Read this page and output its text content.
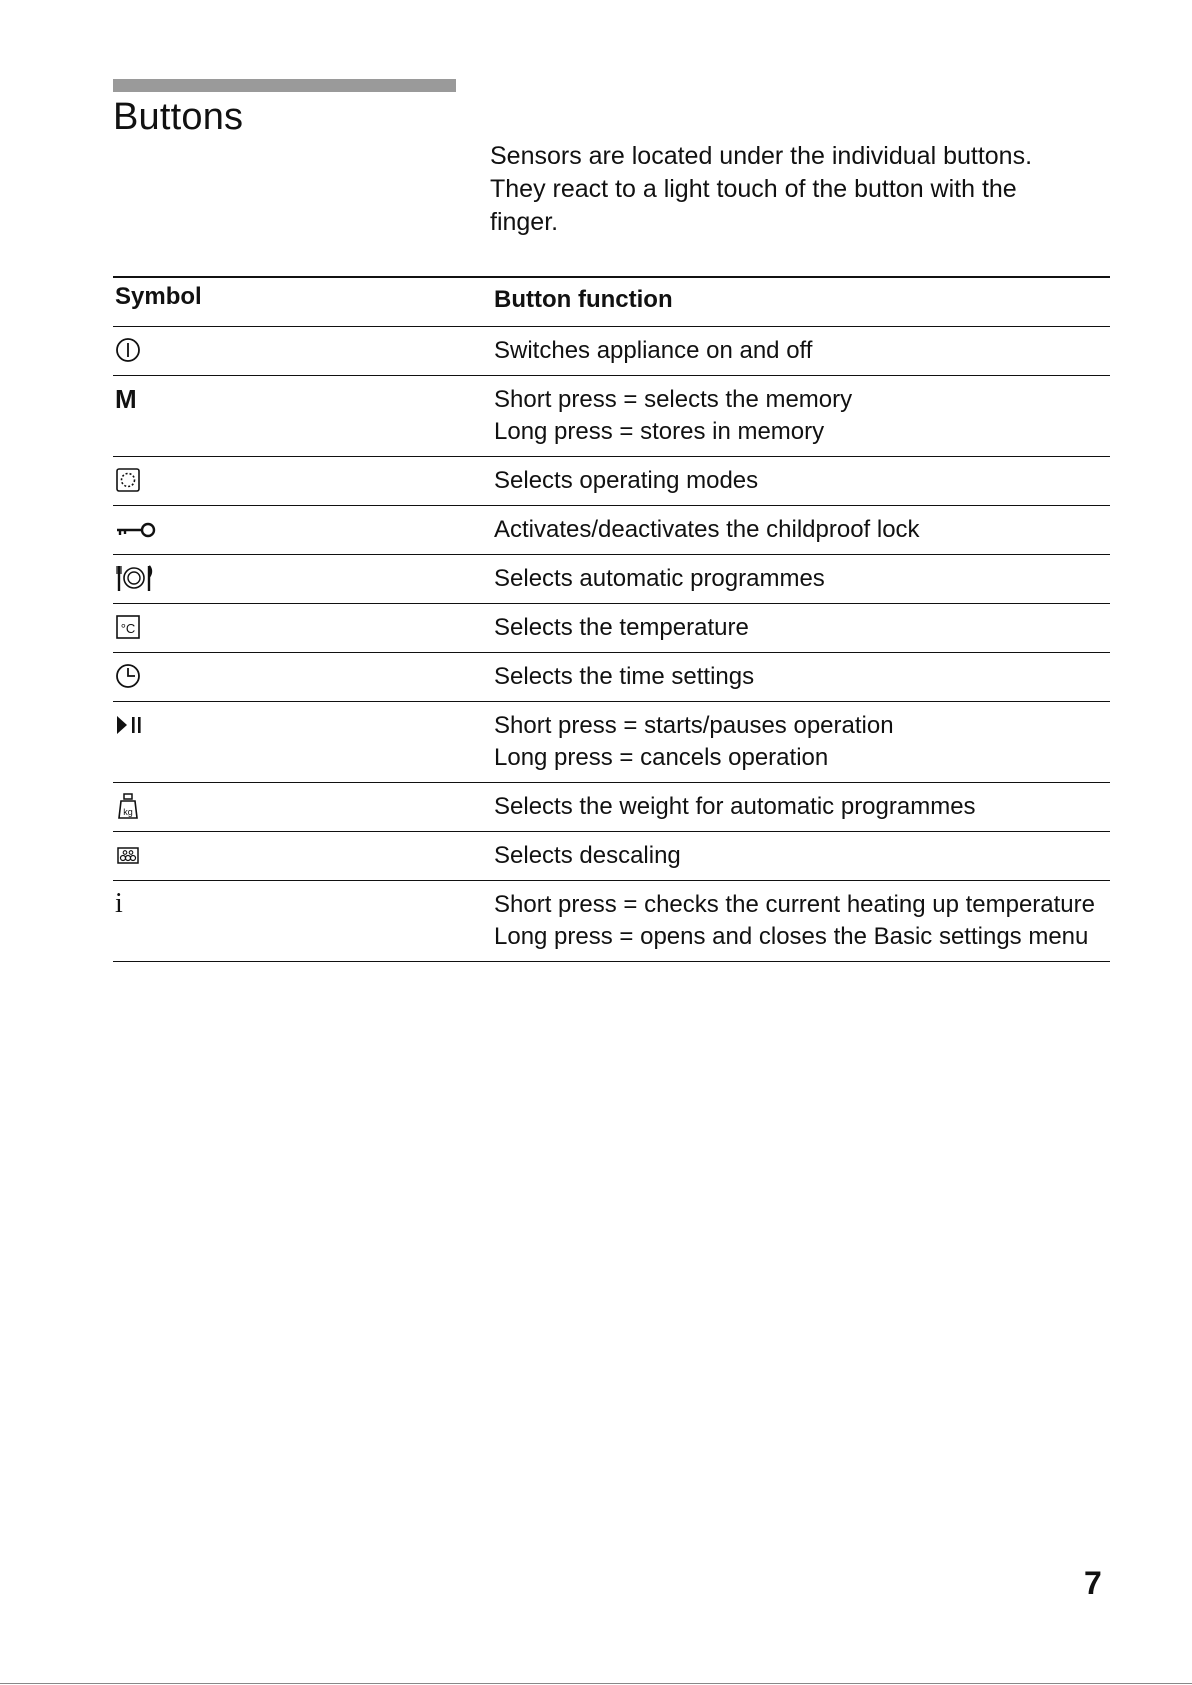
Buttons

Sensors are located under the individual buttons. They react to a light touch of the button with the finger.

Symbol	Button function

Switches appliance on and off

M	Short press = selects the memory
Long press = stores in memory

Selects operating modes

Activates/deactivates the childproof lock

Selects automatic programmes

°C	Selects the temperature

Selects the time settings

Short press = starts/pauses operation
Long press = cancels operation

kg	Selects the weight for automatic programmes

Selects descaling

i	Short press = checks the current heating up temperature
Long press = opens and closes the Basic settings menu
7
